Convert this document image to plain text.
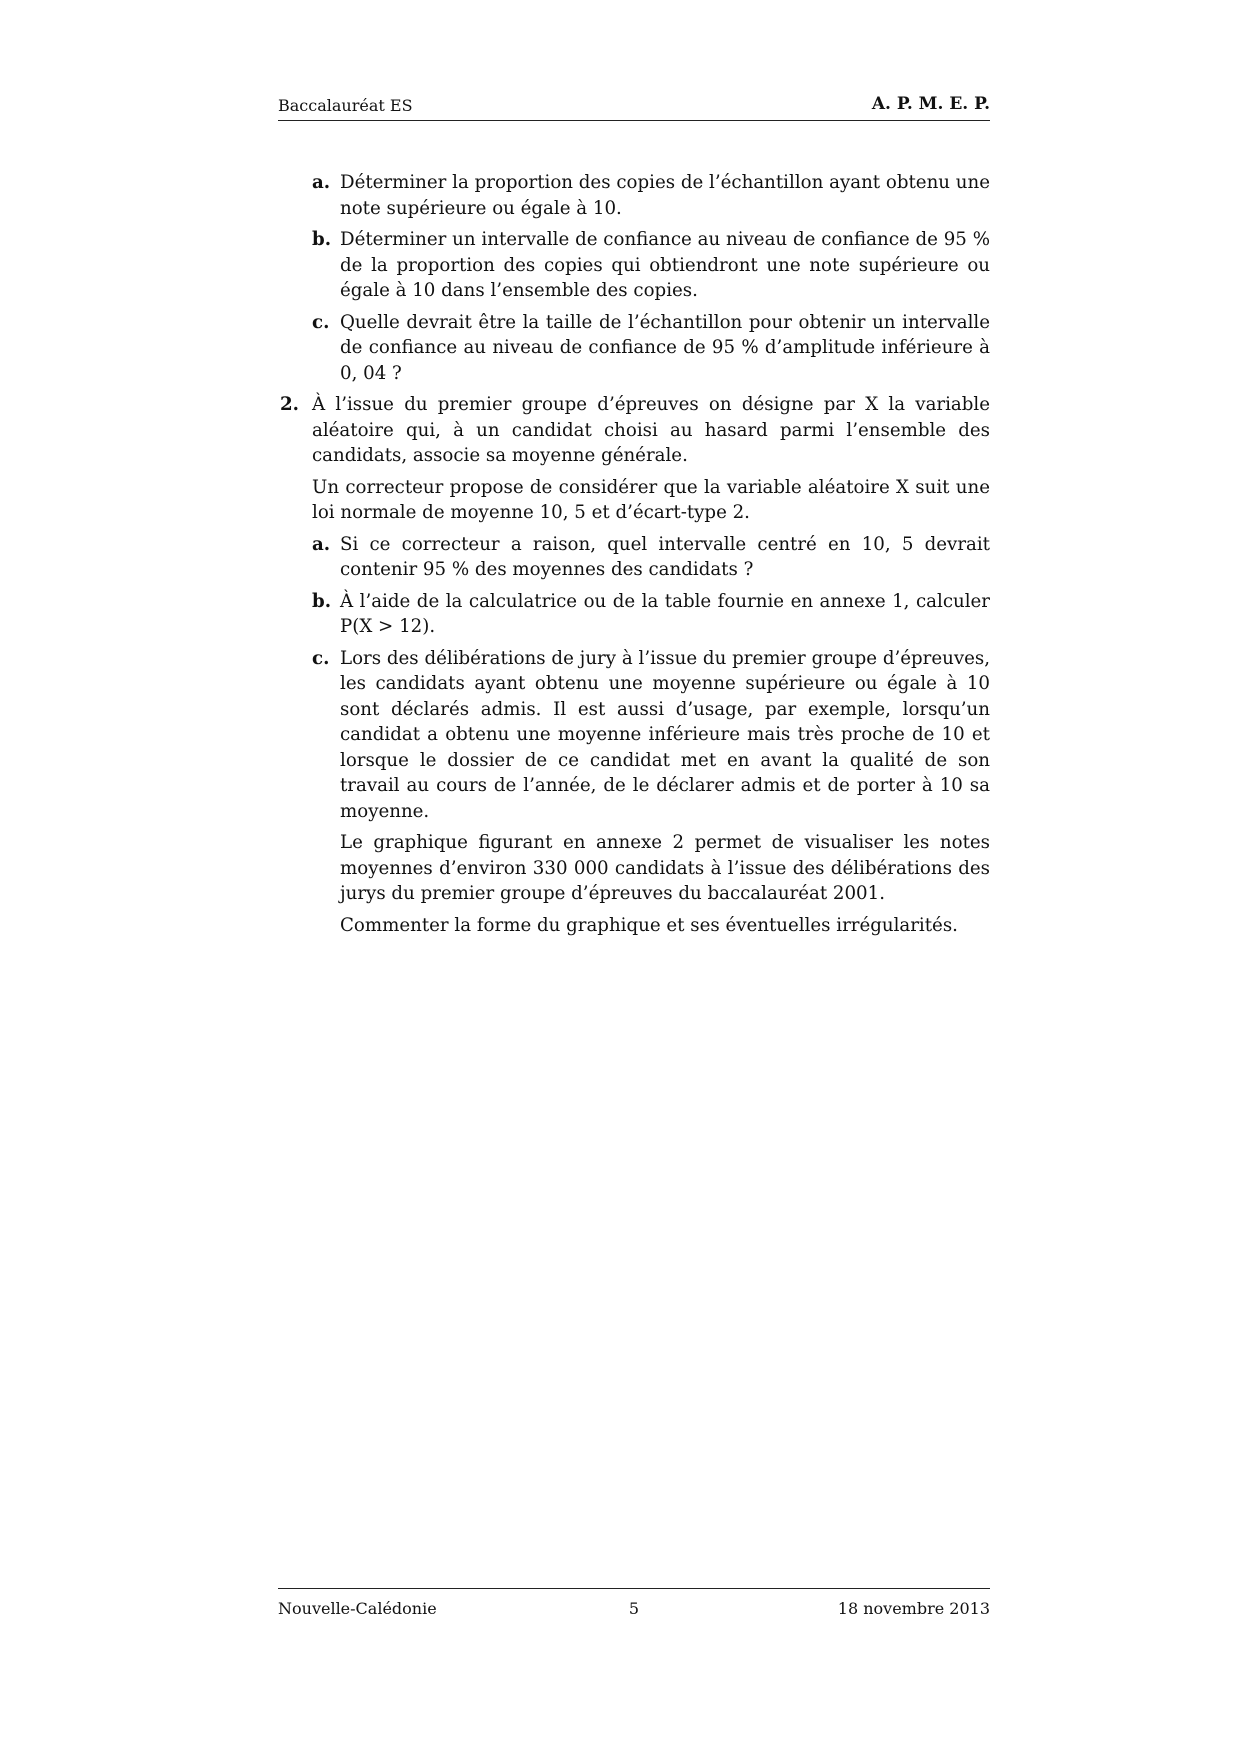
Baccalauréat ES	A. P. M. E. P.
a. Déterminer la proportion des copies de l’échantillon ayant obtenu une note supérieure ou égale à 10.
b. Déterminer un intervalle de confiance au niveau de confiance de 95 % de la proportion des copies qui obtiendront une note supérieure ou égale à 10 dans l’ensemble des copies.
c. Quelle devrait être la taille de l’échantillon pour obtenir un intervalle de confiance au niveau de confiance de 95 % d’amplitude inférieure à 0, 04 ?
2. À l’issue du premier groupe d’épreuves on désigne par X la variable aléatoire qui, à un candidat choisi au hasard parmi l’ensemble des candidats, associe sa moyenne générale.
Un correcteur propose de considérer que la variable aléatoire X suit une loi normale de moyenne 10, 5 et d’écart-type 2.
a. Si ce correcteur a raison, quel intervalle centré en 10, 5 devrait contenir 95 % des moyennes des candidats ?
b. À l’aide de la calculatrice ou de la table fournie en annexe 1, calculer P(X > 12).
c. Lors des délibérations de jury à l’issue du premier groupe d’épreuves, les candidats ayant obtenu une moyenne supérieure ou égale à 10 sont déclarés admis. Il est aussi d’usage, par exemple, lorsqu’un candidat a obtenu une moyenne inférieure mais très proche de 10 et lorsque le dossier de ce candidat met en avant la qualité de son travail au cours de l’année, de le déclarer admis et de porter à 10 sa moyenne.
Le graphique figurant en annexe 2 permet de visualiser les notes moyennes d’environ 330 000 candidats à l’issue des délibérations des jurys du premier groupe d’épreuves du baccalauréat 2001.
Commenter la forme du graphique et ses éventuelles irrégularités.
Nouvelle-Calédonie	5	18 novembre 2013
